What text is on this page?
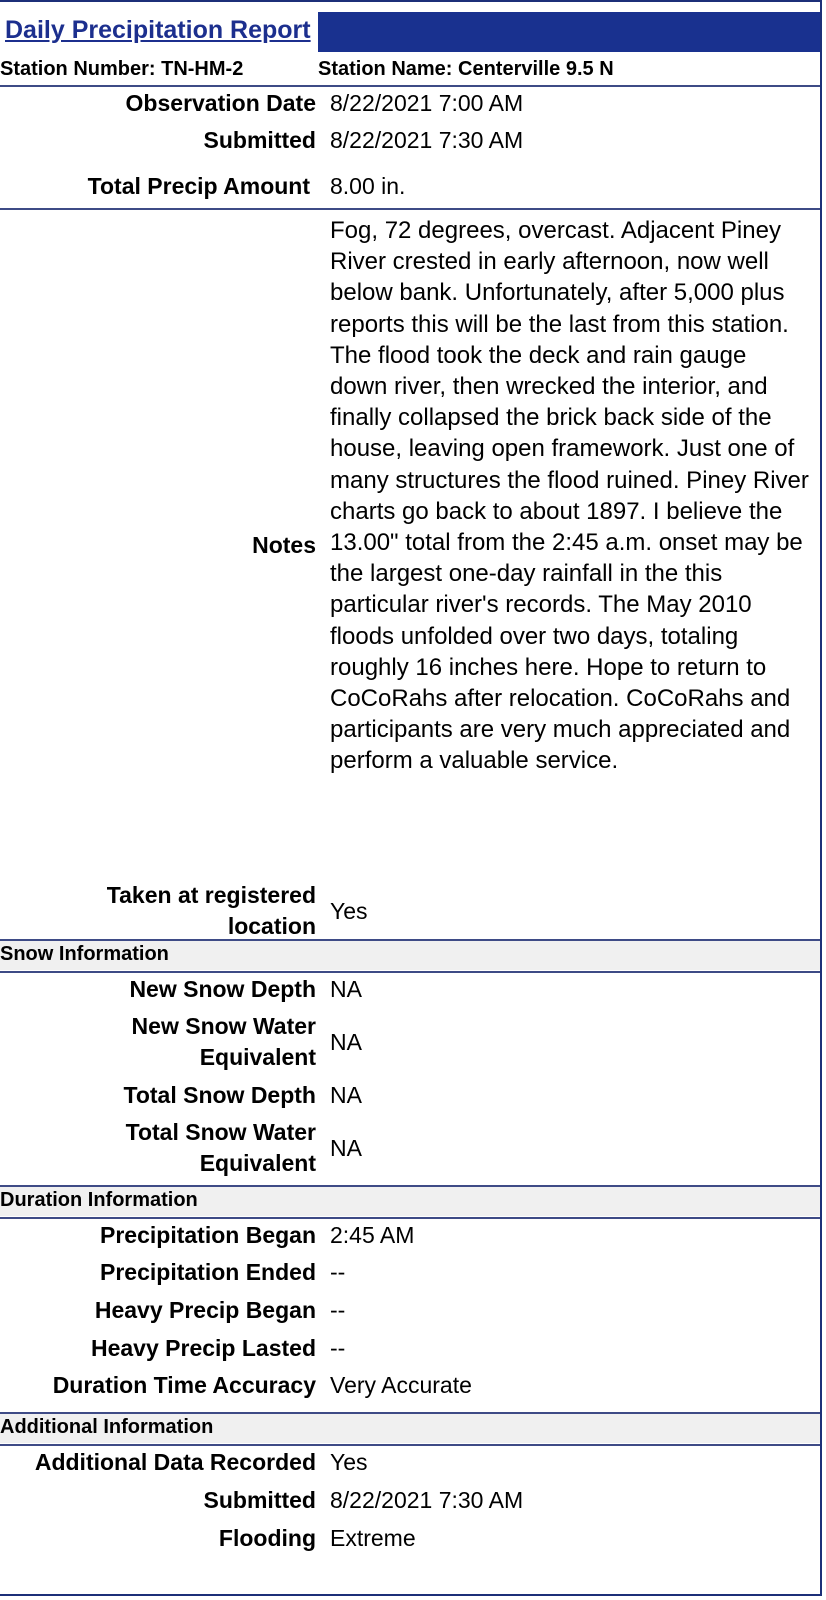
Daily Precipitation Report
Station Number: TN-HM-2	Station Name: Centerville 9.5 N
Observation Date 8/22/2021 7:00 AM
Submitted 8/22/2021 7:30 AM
Total Precip Amount 8.00 in.
Notes
Fog, 72 degrees, overcast. Adjacent Piney River crested in early afternoon, now well below bank. Unfortunately, after 5,000 plus reports this will be the last from this station. The flood took the deck and rain gauge down river, then wrecked the interior, and finally collapsed the brick back side of the house, leaving open framework. Just one of many structures the flood ruined. Piney River charts go back to about 1897. I believe the 13.00" total from the 2:45 a.m. onset may be the largest one-day rainfall in the this particular river's records. The May 2010 floods unfolded over two days, totaling roughly 16 inches here. Hope to return to CoCoRahs after relocation. CoCoRahs and participants are very much appreciated and perform a valuable service.
Taken at registered
location
Yes
Snow Information
New Snow Depth NA
New Snow Water
Equivalent
NA
Total Snow Depth NA
Total Snow Water
Equivalent
NA
Duration Information
Precipitation Began 2:45 AM
Precipitation Ended --
Heavy Precip Began --
Heavy Precip Lasted --
Duration Time Accuracy Very Accurate
Additional Information
Additional Data Recorded Yes
Submitted 8/22/2021 7:30 AM
Flooding Extreme
